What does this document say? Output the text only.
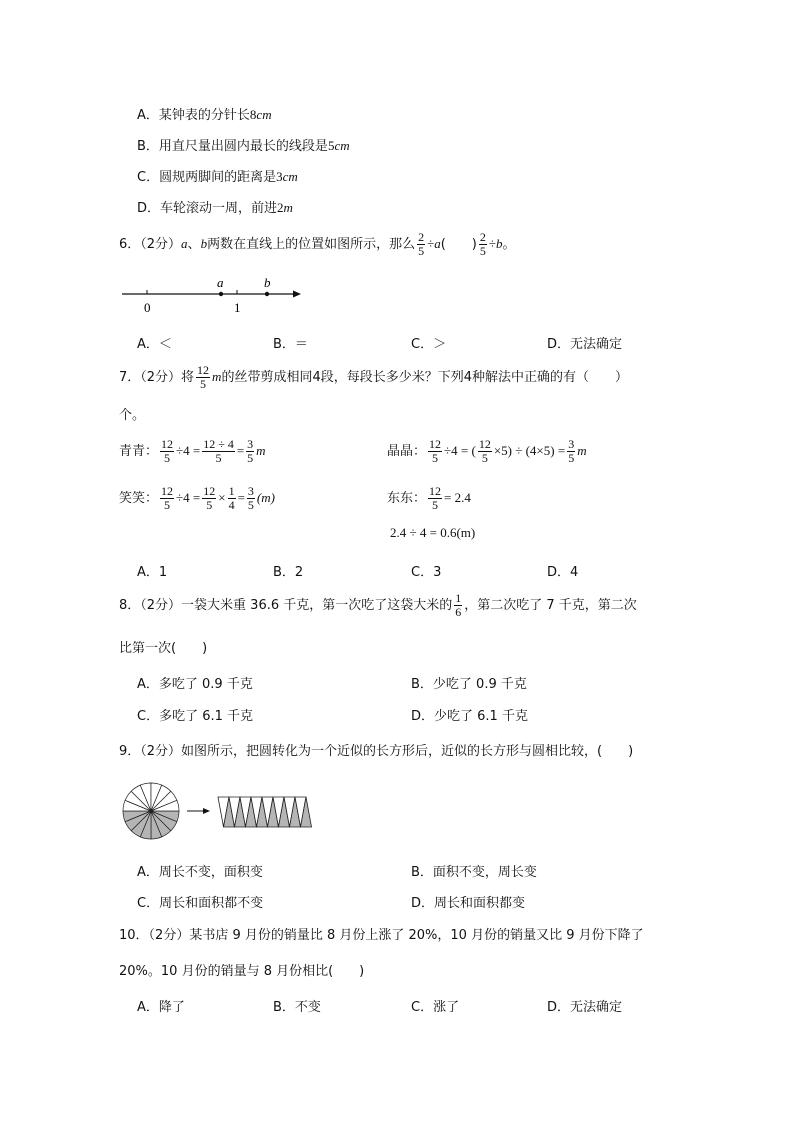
A．某钟表的分针长8cm
B．用直尺量出圆内最长的线段是5cm
C．圆规两脚间的距离是3cm
D．车轮滚动一周，前进2m
6．（2分）a、b两数在直线上的位置如图所示，那么 $\frac{2}{5} \div a$(　　) $\frac{2}{5} \div b$。
0	1
a	b
A．＜	B．＝	C．＞	D．无法确定
7．（2分）将 $\frac{12}{5}$ m的丝带剪成相同4段，每段长多少米？下列4种解法中正确的有（　　）
个。
青青： $\frac{12}{5} \div 4 = \frac{12 \div 4}{5} = \frac{3}{5}$ m	晶晶： $\frac{12}{5} \div 4$ = ( $\frac{12}{5} \times 5) \div (4\times 5) = \frac{3}{5}$ m
笑笑： $\frac{12}{5} \div 4 = \frac{12}{5} \times \frac{1}{4} = \frac{3}{5} (m)$	东东： $\frac{12}{5} = 2.4$
2.4 ÷ 4 = 0.6(m)
A．1	B．2	C．3	D．4
8．（2分）一袋大米重 36.6 千克，第一次吃了这袋大米的 $\frac{1}{6}$ ，第二次吃了 7 千克，第二次
比第一次(　　)
A．多吃了 0.9 千克	B．少吃了 0.9 千克
C．多吃了 6.1 千克	D．少吃了 6.1 千克
9．（2分）如图所示，把圆转化为一个近似的长方形后，近似的长方形与圆相比较，(　　)
A．周长不变，面积变	B．面积不变，周长变
C．周长和面积都不变	D．周长和面积都变
10．（2分）某书店 9 月份的销量比 8 月份上涨了 20%，10 月份的销量又比 9 月份下降了
20%。10 月份的销量与 8 月份相比(　　)
A．降了	B．不变	C．涨了	D．无法确定
